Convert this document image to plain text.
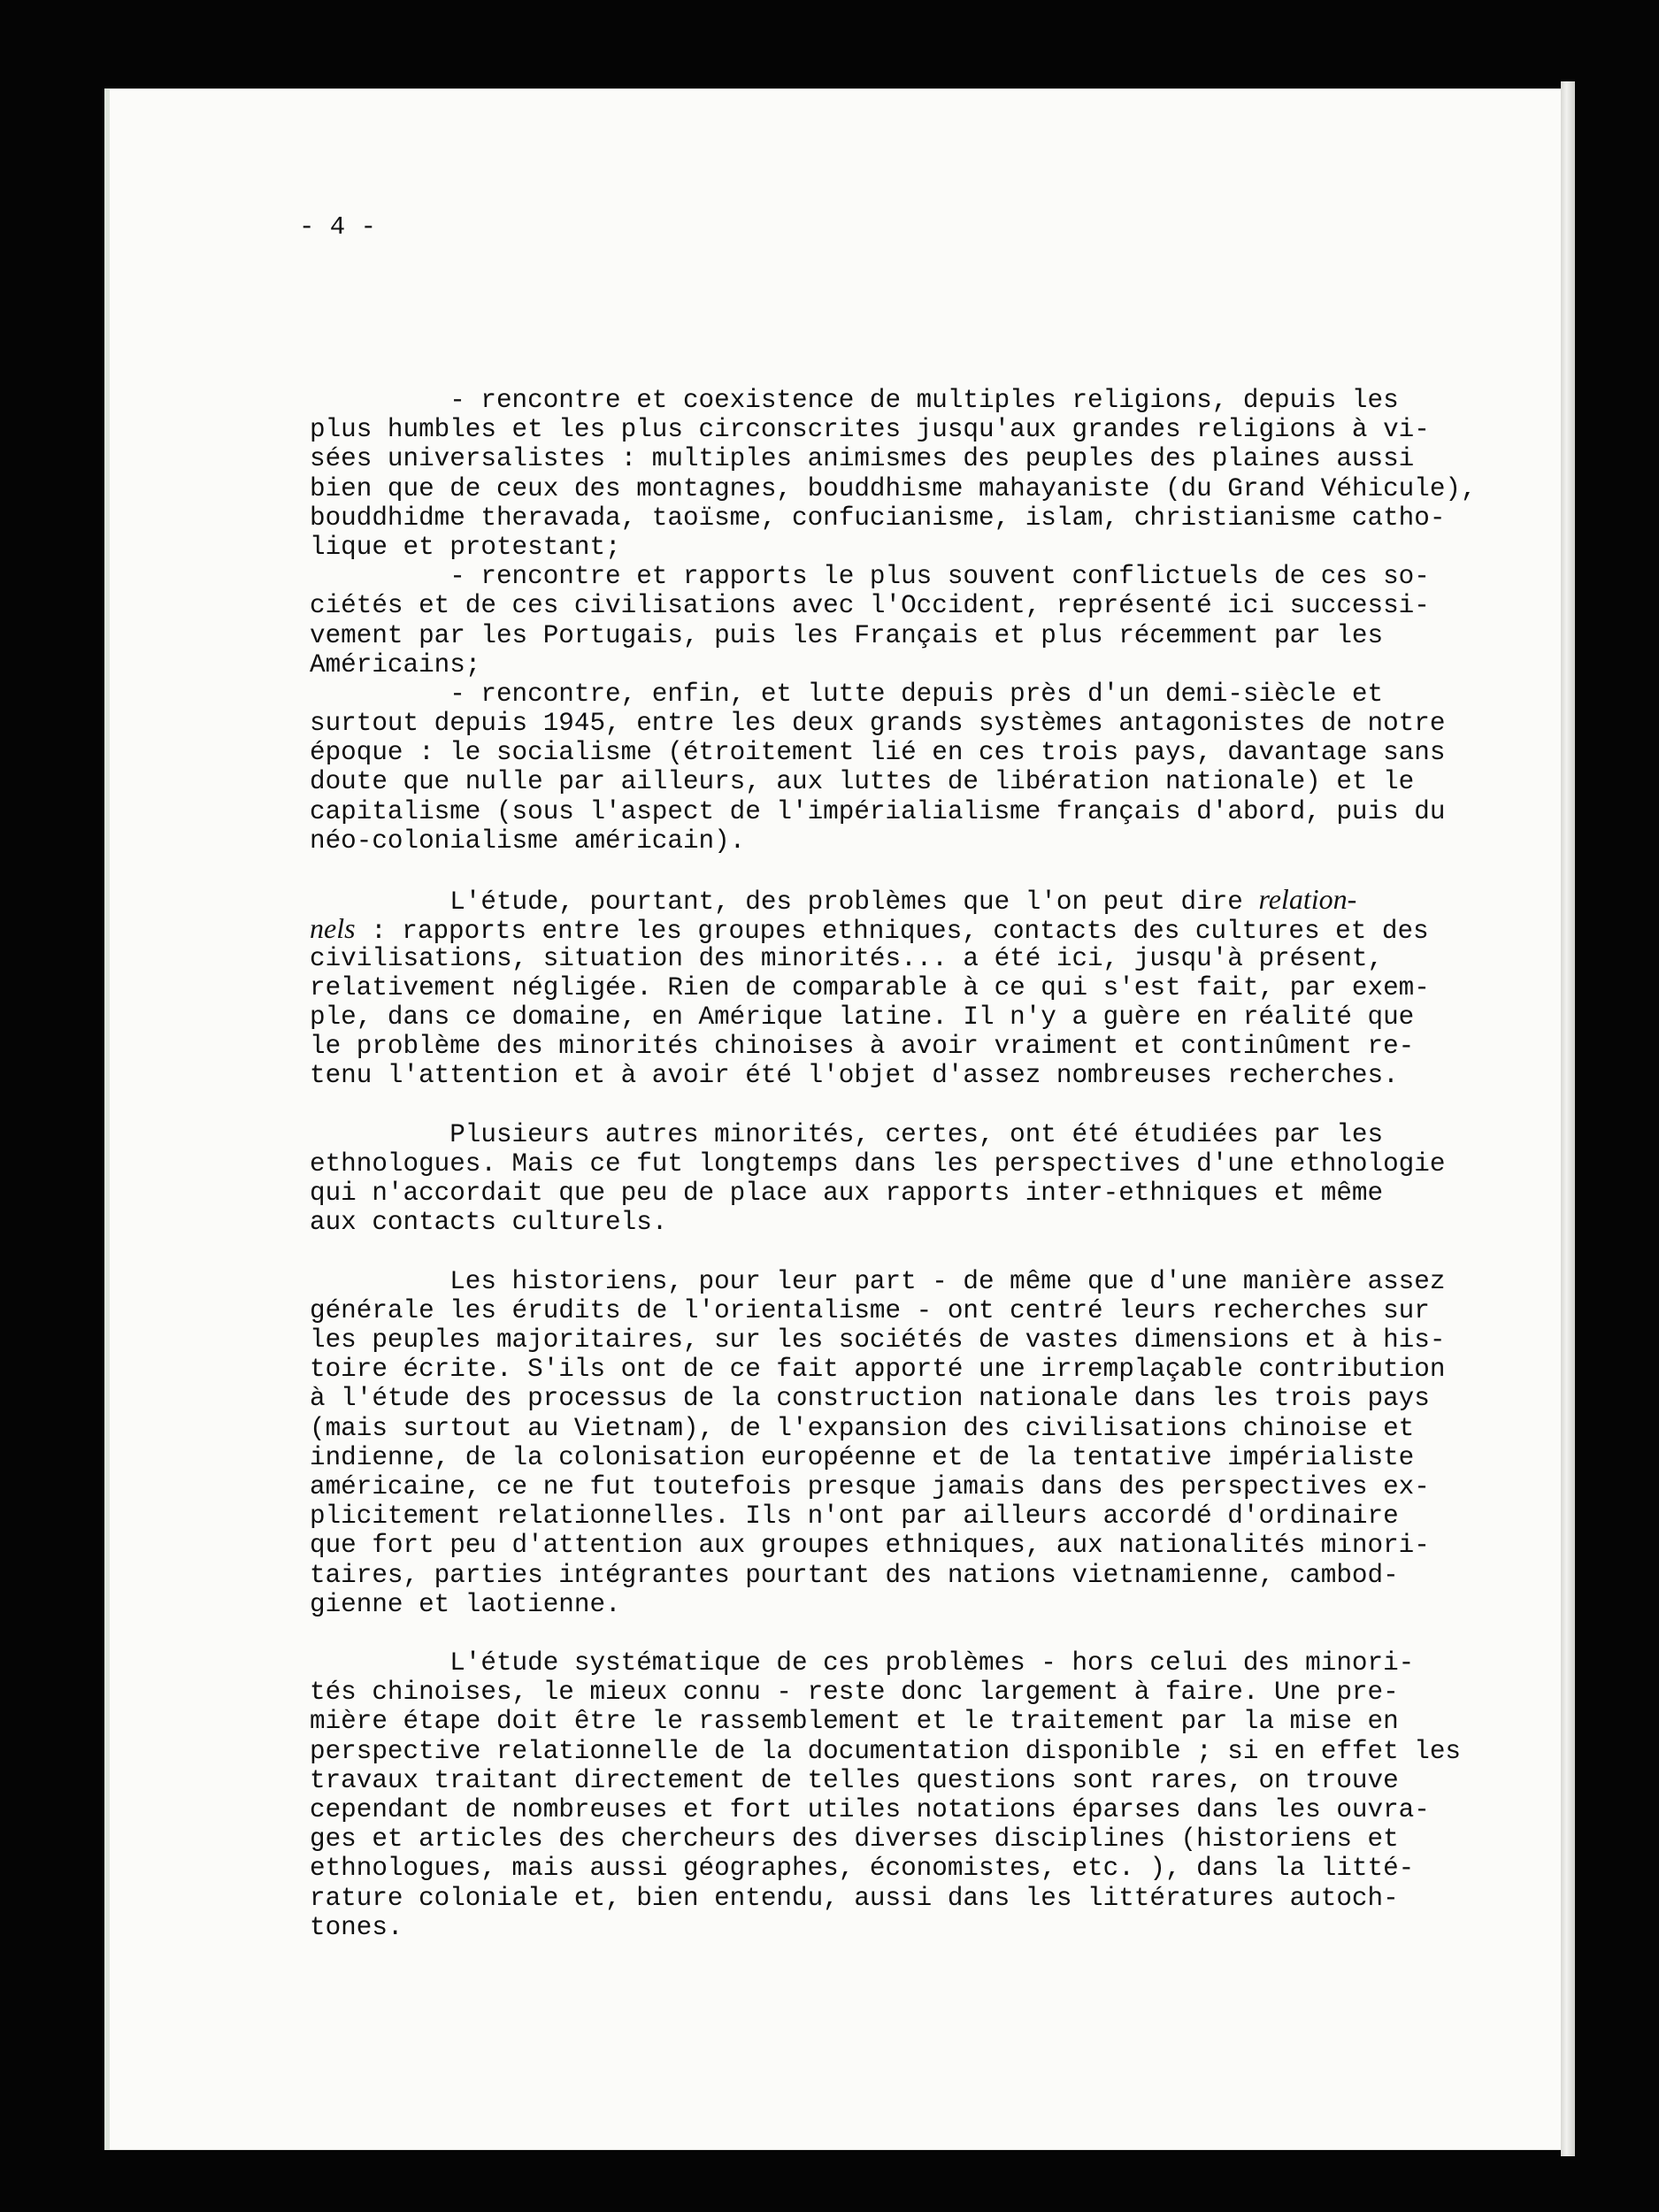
- 4 -
- rencontre et coexistence de multiples religions, depuis les
plus humbles et les plus circonscrites jusqu'aux grandes religions à vi-
sées universalistes : multiples animismes des peuples des plaines aussi
bien que de ceux des montagnes, bouddhisme mahayaniste (du Grand Véhicule),
bouddhidme theravada, taoïsme, confucianisme, islam, christianisme catho-
lique et protestant;
- rencontre et rapports le plus souvent conflictuels de ces so-
ciétés et de ces civilisations avec l'Occident, représenté ici successi-
vement par les Portugais, puis les Français et plus récemment par les
Américains;
- rencontre, enfin, et lutte depuis près d'un demi-siècle et
surtout depuis 1945, entre les deux grands systèmes antagonistes de notre
époque : le socialisme (étroitement lié en ces trois pays, davantage sans
doute que nulle par ailleurs, aux luttes de libération nationale) et le
capitalisme (sous l'aspect de l'impérialialisme français d'abord, puis du
néo-colonialisme américain).
L'étude, pourtant, des problèmes que l'on peut dire relation-
nels : rapports entre les groupes ethniques, contacts des cultures et des
civilisations, situation des minorités... a été ici, jusqu'à présent,
relativement négligée. Rien de comparable à ce qui s'est fait, par exem-
ple, dans ce domaine, en Amérique latine. Il n'y a guère en réalité que
le problème des minorités chinoises à avoir vraiment et continûment re-
tenu l'attention et à avoir été l'objet d'assez nombreuses recherches.
Plusieurs autres minorités, certes, ont été étudiées par les
ethnologues. Mais ce fut longtemps dans les perspectives d'une ethnologie
qui n'accordait que peu de place aux rapports inter-ethniques et même
aux contacts culturels.
Les historiens, pour leur part - de même que d'une manière assez
générale les érudits de l'orientalisme - ont centré leurs recherches sur
les peuples majoritaires, sur les sociétés de vastes dimensions et à his-
toire écrite. S'ils ont de ce fait apporté une irremplaçable contribution
à l'étude des processus de la construction nationale dans les trois pays
(mais surtout au Vietnam), de l'expansion des civilisations chinoise et
indienne, de la colonisation européenne et de la tentative impérialiste
américaine, ce ne fut toutefois presque jamais dans des perspectives ex-
plicitement relationnelles. Ils n'ont par ailleurs accordé d'ordinaire
que fort peu d'attention aux groupes ethniques, aux nationalités minori-
taires, parties intégrantes pourtant des nations vietnamienne, cambod-
gienne et laotienne.
L'étude systématique de ces problèmes - hors celui des minori-
tés chinoises, le mieux connu - reste donc largement à faire. Une pre-
mière étape doit être le rassemblement et le traitement par la mise en
perspective relationnelle de la documentation disponible ; si en effet les
travaux traitant directement de telles questions sont rares, on trouve
cependant de nombreuses et fort utiles notations éparses dans les ouvra-
ges et articles des chercheurs des diverses disciplines (historiens et
ethnologues, mais aussi géographes, économistes, etc. ), dans la litté-
rature coloniale et, bien entendu, aussi dans les littératures autoch-
tones.
